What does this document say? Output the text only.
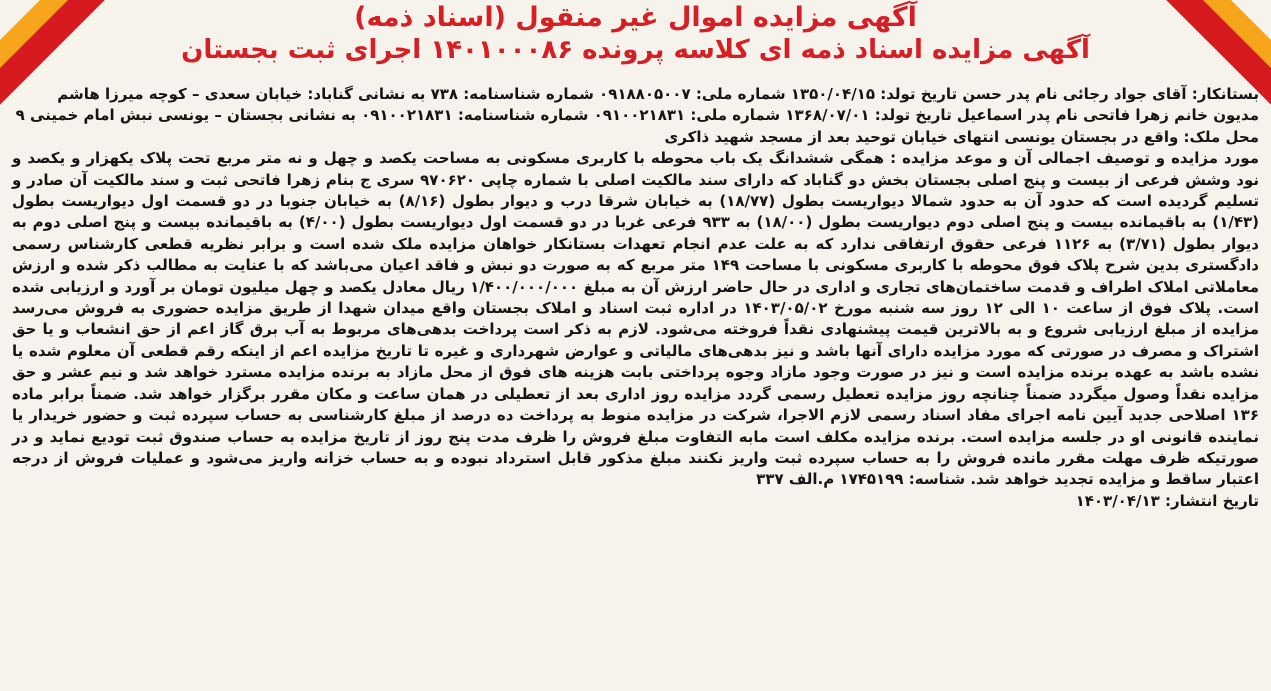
آگهی مزایده اموال غیر منقول (اسناد ذمه)
آگهی مزایده اسناد ذمه ای کلاسه پرونده ۱۴۰۱۰۰۰۸۶ اجرای ثبت بجستان

بستانکار: آقای جواد رجائی نام پدر حسن تاریخ تولد: ۱۳۵۰/۰۴/۱۵ شماره ملی: ۰۹۱۸۸۰۵۰۰۷ شماره شناسنامه: ۷۳۸ به نشانی گناباد: خیابان سعدی – کوچه میرزا هاشم

مدیون خانم زهرا فاتحی نام پدر اسماعیل تاریخ تولد: ۱۳۶۸/۰۷/۰۱ شماره ملی: ۰۹۱۰۰۲۱۸۳۱ شماره شناسنامه: ۰۹۱۰۰۲۱۸۳۱ به نشانی بجستان – یونسی نبش امام خمینی ۹

محل ملک: واقع در بجستان یونسی انتهای خیابان توحید بعد از مسجد شهید ذاکری

مورد مزایده و توصیف اجمالی آن و موعد مزایده : همگی ششدانگ یک باب محوطه با کاربری مسکونی به مساحت یکصد و چهل و نه متر مربع تحت پلاک یکهزار و یکصد و نود وشش فرعی از بیست و پنج اصلی بجستان بخش دو گناباد که دارای سند مالکیت اصلی با شماره چاپی ۹۷۰۶۲۰ سری ج بنام زهرا فاتحی ثبت و سند مالکیت آن صادر و تسلیم گردیده است که حدود آن به حدود شمالا دیواریست بطول (۱۸/۷۷) به خیابان شرقا درب و دیوار بطول (۸/۱۶) به خیابان جنوبا در دو قسمت اول دیواریست بطول (۱/۴۳) به باقیمانده بیست و پنج اصلی دوم دیواریست بطول (۱۸/۰۰) به ۹۳۳ فرعی غربا در دو قسمت اول دیواریست بطول (۴/۰۰) به باقیمانده بیست و پنج اصلی دوم به دیوار بطول (۳/۷۱) به ۱۱۲۶ فرعی حقوق ارتفاقی ندارد که به علت عدم انجام تعهدات بستانکار خواهان مزایده ملک شده است و برابر نظریه قطعی کارشناس رسمی دادگستری بدین شرح پلاک فوق محوطه با کاربری مسکونی با مساحت ۱۴۹ متر مربع که به صورت دو نبش و فاقد اعیان می‌باشد که با عنایت به مطالب ذکر شده و ارزش معاملاتی املاک اطراف و قدمت ساختمان‌های تجاری و اداری در حال حاضر ارزش آن به مبلغ ۱/۴۰۰/۰۰۰/۰۰۰ ریال معادل یکصد و چهل میلیون تومان بر آورد و ارزیابی شده است. پلاک فوق از ساعت ۱۰ الی ۱۲ روز سه شنبه مورخ ۱۴۰۳/۰۵/۰۲ در اداره ثبت اسناد و املاک بجستان واقع میدان شهدا از طریق مزایده حضوری به فروش می‌رسد مزایده از مبلغ ارزیابی شروع و به بالاترین قیمت پیشنهادی نقداً فروخته می‌شود. لازم به ذکر است پرداخت بدهی‌های مربوط به آب برق گاز اعم از حق انشعاب و یا حق اشتراک و مصرف در صورتی که مورد مزایده دارای آنها باشد و نیز بدهی‌های مالیاتی و عوارض شهرداری و غیره تا تاریخ مزایده اعم از اینکه رقم قطعی آن معلوم شده یا نشده باشد به عهده برنده مزایده است و نیز در صورت وجود مازاد وجوه پرداختی بابت هزینه های فوق از محل مازاد به برنده مزایده مسترد خواهد شد و نیم عشر و حق مزایده نقداً وصول میگردد ضمناً چنانچه روز مزایده تعطیل رسمی گردد مزایده روز اداری بعد از تعطیلی در همان ساعت و مکان مقرر برگزار خواهد شد. ضمناً برابر ماده ۱۳۶ اصلاحی جدید آیین نامه اجرای مفاد اسناد رسمی لازم الاجرا، شرکت در مزایده منوط به پرداخت ده درصد از مبلغ کارشناسی به حساب سپرده ثبت و حضور خریدار یا نماینده قانونی او در جلسه مزایده است. برنده مزایده مکلف است مابه التفاوت مبلغ فروش را ظرف مدت پنج روز از تاریخ مزایده به حساب صندوق ثبت تودیع نماید و در صورتیکه ظرف مهلت مقرر مانده فروش را به حساب سپرده ثبت واریز نکنند مبلغ مذکور قابل استرداد نبوده و به حساب خزانه واریز می‌شود و عملیات فروش از درجه اعتبار ساقط و مزایده تجدید خواهد شد. شناسه: ۱۷۴۵۱۹۹ م.الف ۳۳۷

تاریخ انتشار: ۱۴۰۳/۰۴/۱۳
